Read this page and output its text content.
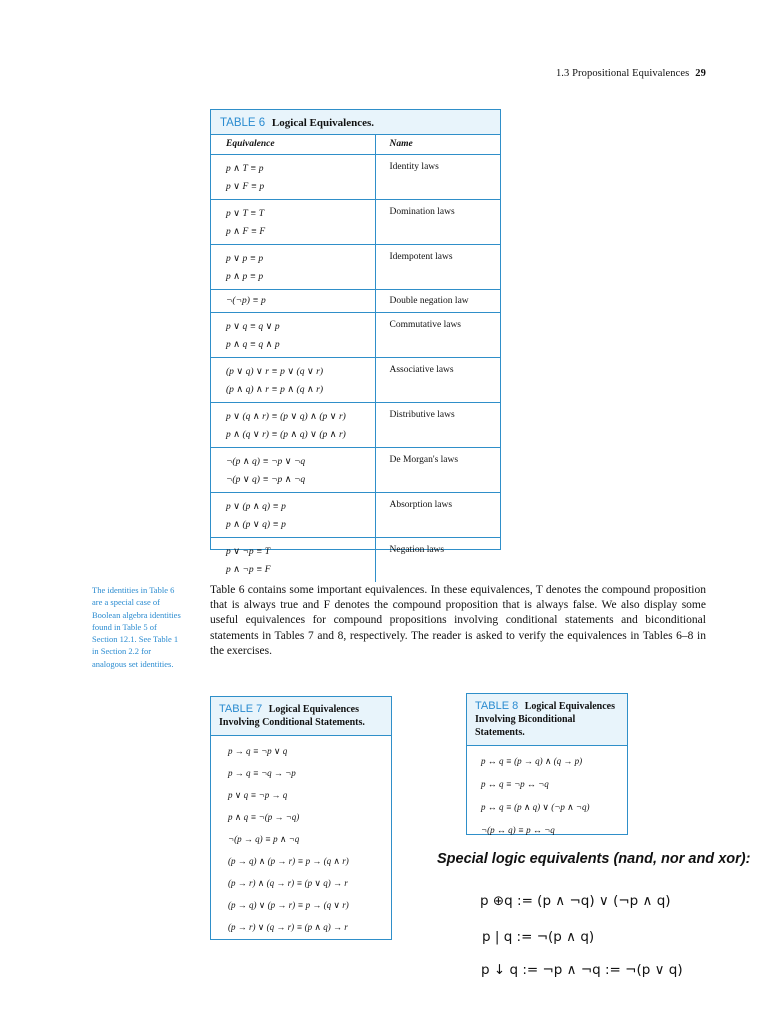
1.3 Propositional Equivalences 29
TABLE 6 Logical Equivalences.
Equivalence	Name

p ∧ T ≡ p
p ∨ F ≡ p	Identity laws

p ∨ T ≡ T
p ∧ F ≡ F	Domination laws

p ∨ p ≡ p
p ∧ p ≡ p	Idempotent laws

¬(¬p) ≡ p	Double negation law

p ∨ q ≡ q ∨ p
p ∧ q ≡ q ∧ p	Commutative laws

(p ∨ q) ∨ r ≡ p ∨ (q ∨ r)
(p ∧ q) ∧ r ≡ p ∧ (q ∧ r)	Associative laws

p ∨ (q ∧ r) ≡ (p ∨ q) ∧ (p ∨ r)
p ∧ (q ∨ r) ≡ (p ∧ q) ∨ (p ∧ r)	Distributive laws

¬(p ∧ q) ≡ ¬p ∨ ¬q
¬(p ∨ q) ≡ ¬p ∧ ¬q	De Morgan's laws

p ∨ (p ∧ q) ≡ p
p ∧ (p ∨ q) ≡ p	Absorption laws

p ∨ ¬p ≡ T
p ∧ ¬p ≡ F	Negation laws
The identities in Table 6 are a special case of Boolean algebra identities found in Table 5 of Section 12.1. See Table 1 in Section 2.2 for analogous set identities.
Table 6 contains some important equivalences. In these equivalences, T denotes the compound proposition that is always true and F denotes the compound proposition that is always false. We also display some useful equivalences for compound propositions involving conditional statements and biconditional statements in Tables 7 and 8, respectively. The reader is asked to verify the equivalences in Tables 6–8 in the exercises.
TABLE 7 Logical Equivalences Involving Conditional Statements.
p → q ≡ ¬p ∨ q
p → q ≡ ¬q → ¬p
p ∨ q ≡ ¬p → q
p ∧ q ≡ ¬(p → ¬q)
¬(p → q) ≡ p ∧ ¬q
(p → q) ∧ (p → r) ≡ p → (q ∧ r)
(p → r) ∧ (q → r) ≡ (p ∨ q) → r
(p → q) ∨ (p → r) ≡ p → (q ∨ r)
(p → r) ∨ (q → r) ≡ (p ∧ q) → r
TABLE 8 Logical Equivalences Involving Biconditional Statements.
p ↔ q ≡ (p → q) ∧ (q → p)
p ↔ q ≡ ¬p ↔ ¬q
p ↔ q ≡ (p ∧ q) ∨ (¬p ∧ ¬q)
¬(p ↔ q) ≡ p ↔ ¬q
Special logic equivalents (nand, nor and xor):
p ⊕q := (p ∧ ¬q) ∨ (¬p ∧ q)
p | q := ¬(p ∧ q)
p ↓ q := ¬p ∧ ¬q := ¬(p ∨ q)
